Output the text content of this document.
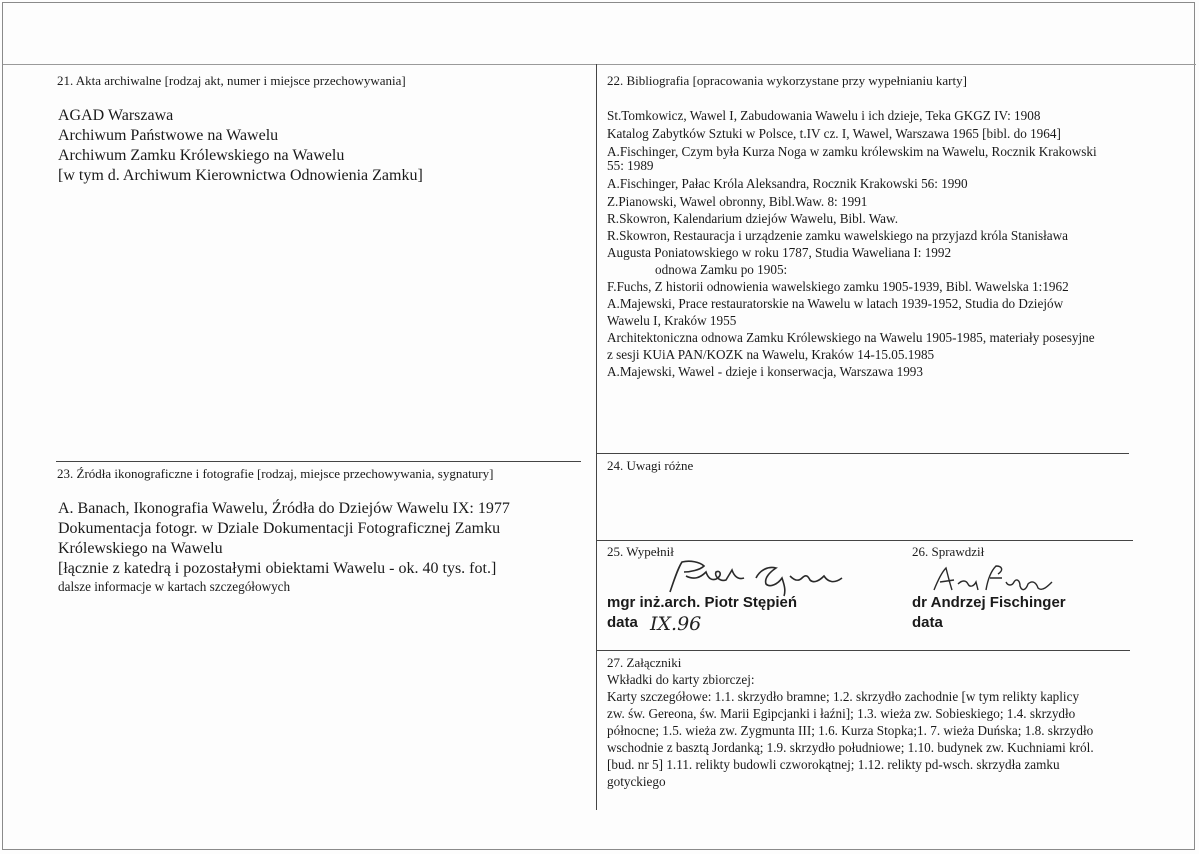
21. Akta archiwalne [rodzaj akt, numer i miejsce przechowywania]
AGAD Warszawa
Archiwum Państwowe na Wawelu
Archiwum Zamku Królewskiego na Wawelu
[w tym d. Archiwum Kierownictwa Odnowienia Zamku]
22. Bibliografia [opracowania wykorzystane przy wypełnianiu karty]
St.Tomkowicz, Wawel I, Zabudowania Wawelu i ich dzieje, Teka GKGZ IV: 1908
Katalog Zabytków Sztuki w Polsce, t.IV cz. I, Wawel, Warszawa 1965 [bibl. do 1964]
A.Fischinger, Czym była Kurza Noga w zamku królewskim na Wawelu, Rocznik Krakowski
55: 1989
A.Fischinger, Pałac Króla Aleksandra, Rocznik Krakowski 56: 1990
Z.Pianowski, Wawel obronny, Bibl.Waw. 8: 1991
R.Skowron, Kalendarium dziejów Wawelu, Bibl. Waw.
R.Skowron, Restauracja i urządzenie zamku wawelskiego na przyjazd króla Stanisława
Augusta Poniatowskiego w roku 1787, Studia Waweliana I: 1992
odnowa Zamku po 1905:
F.Fuchs, Z historii odnowienia wawelskiego zamku 1905-1939, Bibl. Wawelska 1:1962
A.Majewski, Prace restauratorskie na Wawelu w latach 1939-1952, Studia do Dziejów
Wawelu I, Kraków 1955
Architektoniczna odnowa Zamku Królewskiego na Wawelu 1905-1985, materiały posesyjne
z sesji KUiA PAN/KOZK na Wawelu, Kraków 14-15.05.1985
A.Majewski, Wawel - dzieje i konserwacja, Warszawa 1993
23. Źródła ikonograficzne i fotografie [rodzaj, miejsce przechowywania, sygnatury]
A. Banach, Ikonografia Wawelu, Źródła do Dziejów Wawelu IX: 1977
Dokumentacja fotogr. w Dziale Dokumentacji Fotograficznej Zamku
Królewskiego na Wawelu
[łącznie z katedrą i pozostałymi obiektami Wawelu - ok. 40 tys. fot.]
dalsze informacje w kartach szczegółowych
24. Uwagi różne
25. Wypełnił
mgr inż.arch. Piotr Stępień
data IX.96
26. Sprawdził
dr Andrzej Fischinger
data
27. Załączniki
Wkładki do karty zbiorczej:
Karty szczegółowe: 1.1. skrzydło bramne; 1.2. skrzydło zachodnie [w tym relikty kaplicy
zw. św. Gereona, św. Marii Egipcjanki i łaźni]; 1.3. wieża zw. Sobieskiego; 1.4. skrzydło
północne; 1.5. wieża zw. Zygmunta III; 1.6. Kurza Stopka;1. 7. wieża Duńska; 1.8. skrzydło
wschodnie z basztą Jordanką; 1.9. skrzydło południowe; 1.10. budynek zw. Kuchniami król.
[bud. nr 5] 1.11. relikty budowli czworokątnej; 1.12. relikty pd-wsch. skrzydła zamku
gotyckiego
